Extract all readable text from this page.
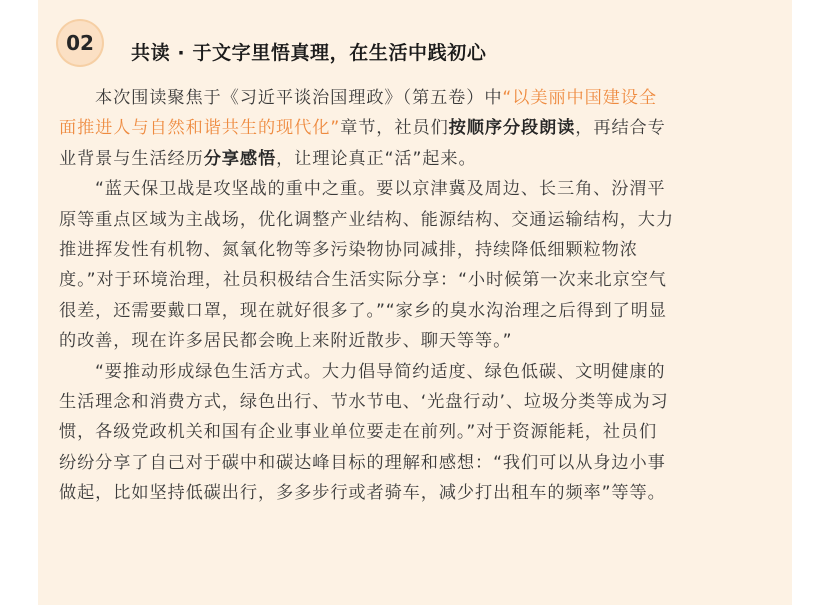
02	共读 · 于文字里悟真理，在生活中践初心
本次围读聚焦于《习近平谈治国理政》（第五卷）中“以美丽中国建设全
面推进人与自然和谐共生的现代化”章节，社员们按顺序分段朗读，再结合专
业背景与生活经历分享感悟，让理论真正“活”起来。
“蓝天保卫战是攻坚战的重中之重。要以京津冀及周边、长三角、汾渭平
原等重点区域为主战场，优化调整产业结构、能源结构、交通运输结构，大力
推进挥发性有机物、氮氧化物等多污染物协同减排，持续降低细颗粒物浓
度。”对于环境治理，社员积极结合生活实际分享：“小时候第一次来北京空气
很差，还需要戴口罩，现在就好很多了。”“家乡的臭水沟治理之后得到了明显
的改善，现在许多居民都会晚上来附近散步、聊天等等。”
“要推动形成绿色生活方式。大力倡导简约适度、绿色低碳、文明健康的
生活理念和消费方式，绿色出行、节水节电、‘光盘行动’、垃圾分类等成为习
惯，各级党政机关和国有企业事业单位要走在前列。”对于资源能耗，社员们
纷纷分享了自己对于碳中和碳达峰目标的理解和感想：“我们可以从身边小事
做起，比如坚持低碳出行，多多步行或者骑车，减少打出租车的频率”等等。
